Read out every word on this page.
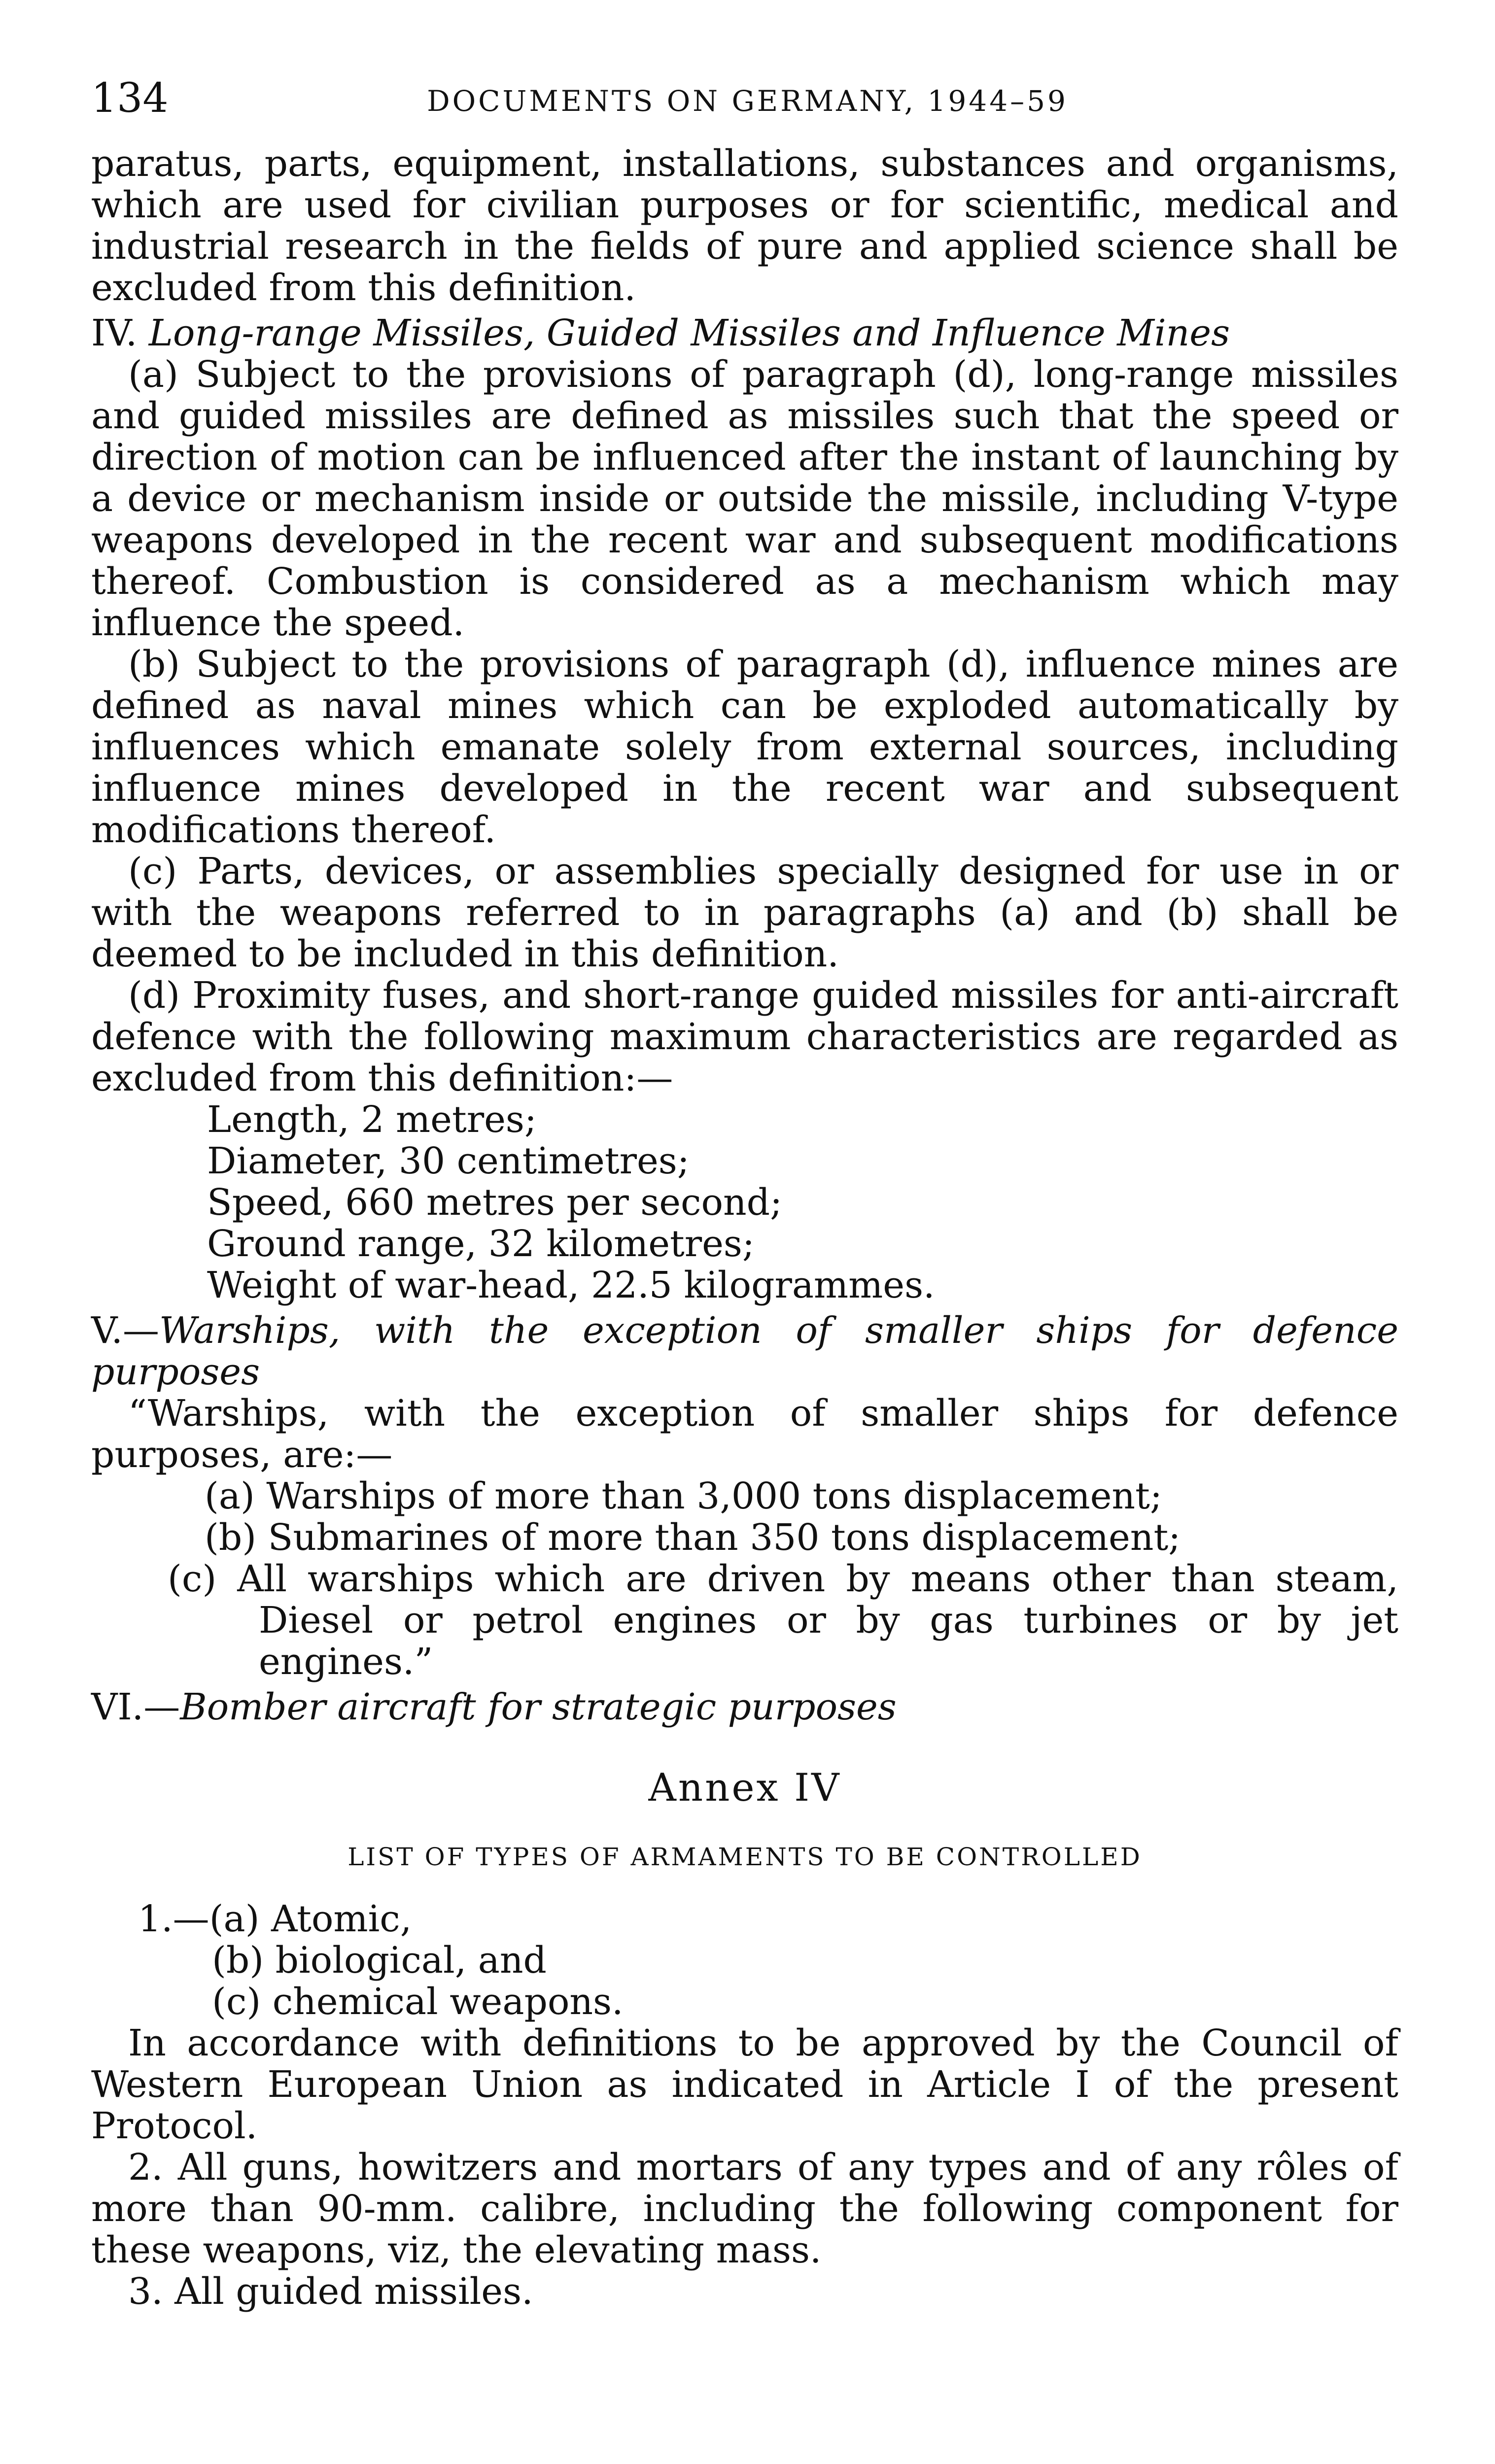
134	DOCUMENTS ON GERMANY, 1944–59

paratus, parts, equipment, installations, substances and organisms, which are used for civilian purposes or for scientific, medical and industrial research in the fields of pure and applied science shall be excluded from this definition.

IV. Long-range Missiles, Guided Missiles and Influence Mines

(a) Subject to the provisions of paragraph (d), long-range missiles and guided missiles are defined as missiles such that the speed or direction of motion can be influenced after the instant of launching by a device or mechanism inside or outside the missile, including V-type weapons developed in the recent war and subsequent modifications thereof. Combustion is considered as a mechanism which may influence the speed.

(b) Subject to the provisions of paragraph (d), influence mines are defined as naval mines which can be exploded automatically by influences which emanate solely from external sources, including influence mines developed in the recent war and subsequent modifications thereof.

(c) Parts, devices, or assemblies specially designed for use in or with the weapons referred to in paragraphs (a) and (b) shall be deemed to be included in this definition.

(d) Proximity fuses, and short-range guided missiles for anti-aircraft defence with the following maximum characteristics are regarded as excluded from this definition:—

Length, 2 metres;

Diameter, 30 centimetres;

Speed, 660 metres per second;

Ground range, 32 kilometres;

Weight of war-head, 22.5 kilogrammes.

V.—Warships, with the exception of smaller ships for defence purposes

“Warships, with the exception of smaller ships for defence purposes, are:—

(a) Warships of more than 3,000 tons displacement;

(b) Submarines of more than 350 tons displacement;

(c) All warships which are driven by means other than steam, Diesel or petrol engines or by gas turbines or by jet engines.”

VI.—Bomber aircraft for strategic purposes

Annex IV
LIST OF TYPES OF ARMAMENTS TO BE CONTROLLED

1.—(a) Atomic,

(b) biological, and

(c) chemical weapons.

In accordance with definitions to be approved by the Council of Western European Union as indicated in Article I of the present Protocol.

2. All guns, howitzers and mortars of any types and of any rôles of more than 90-mm. calibre, including the following component for these weapons, viz, the elevating mass.

3. All guided missiles.
